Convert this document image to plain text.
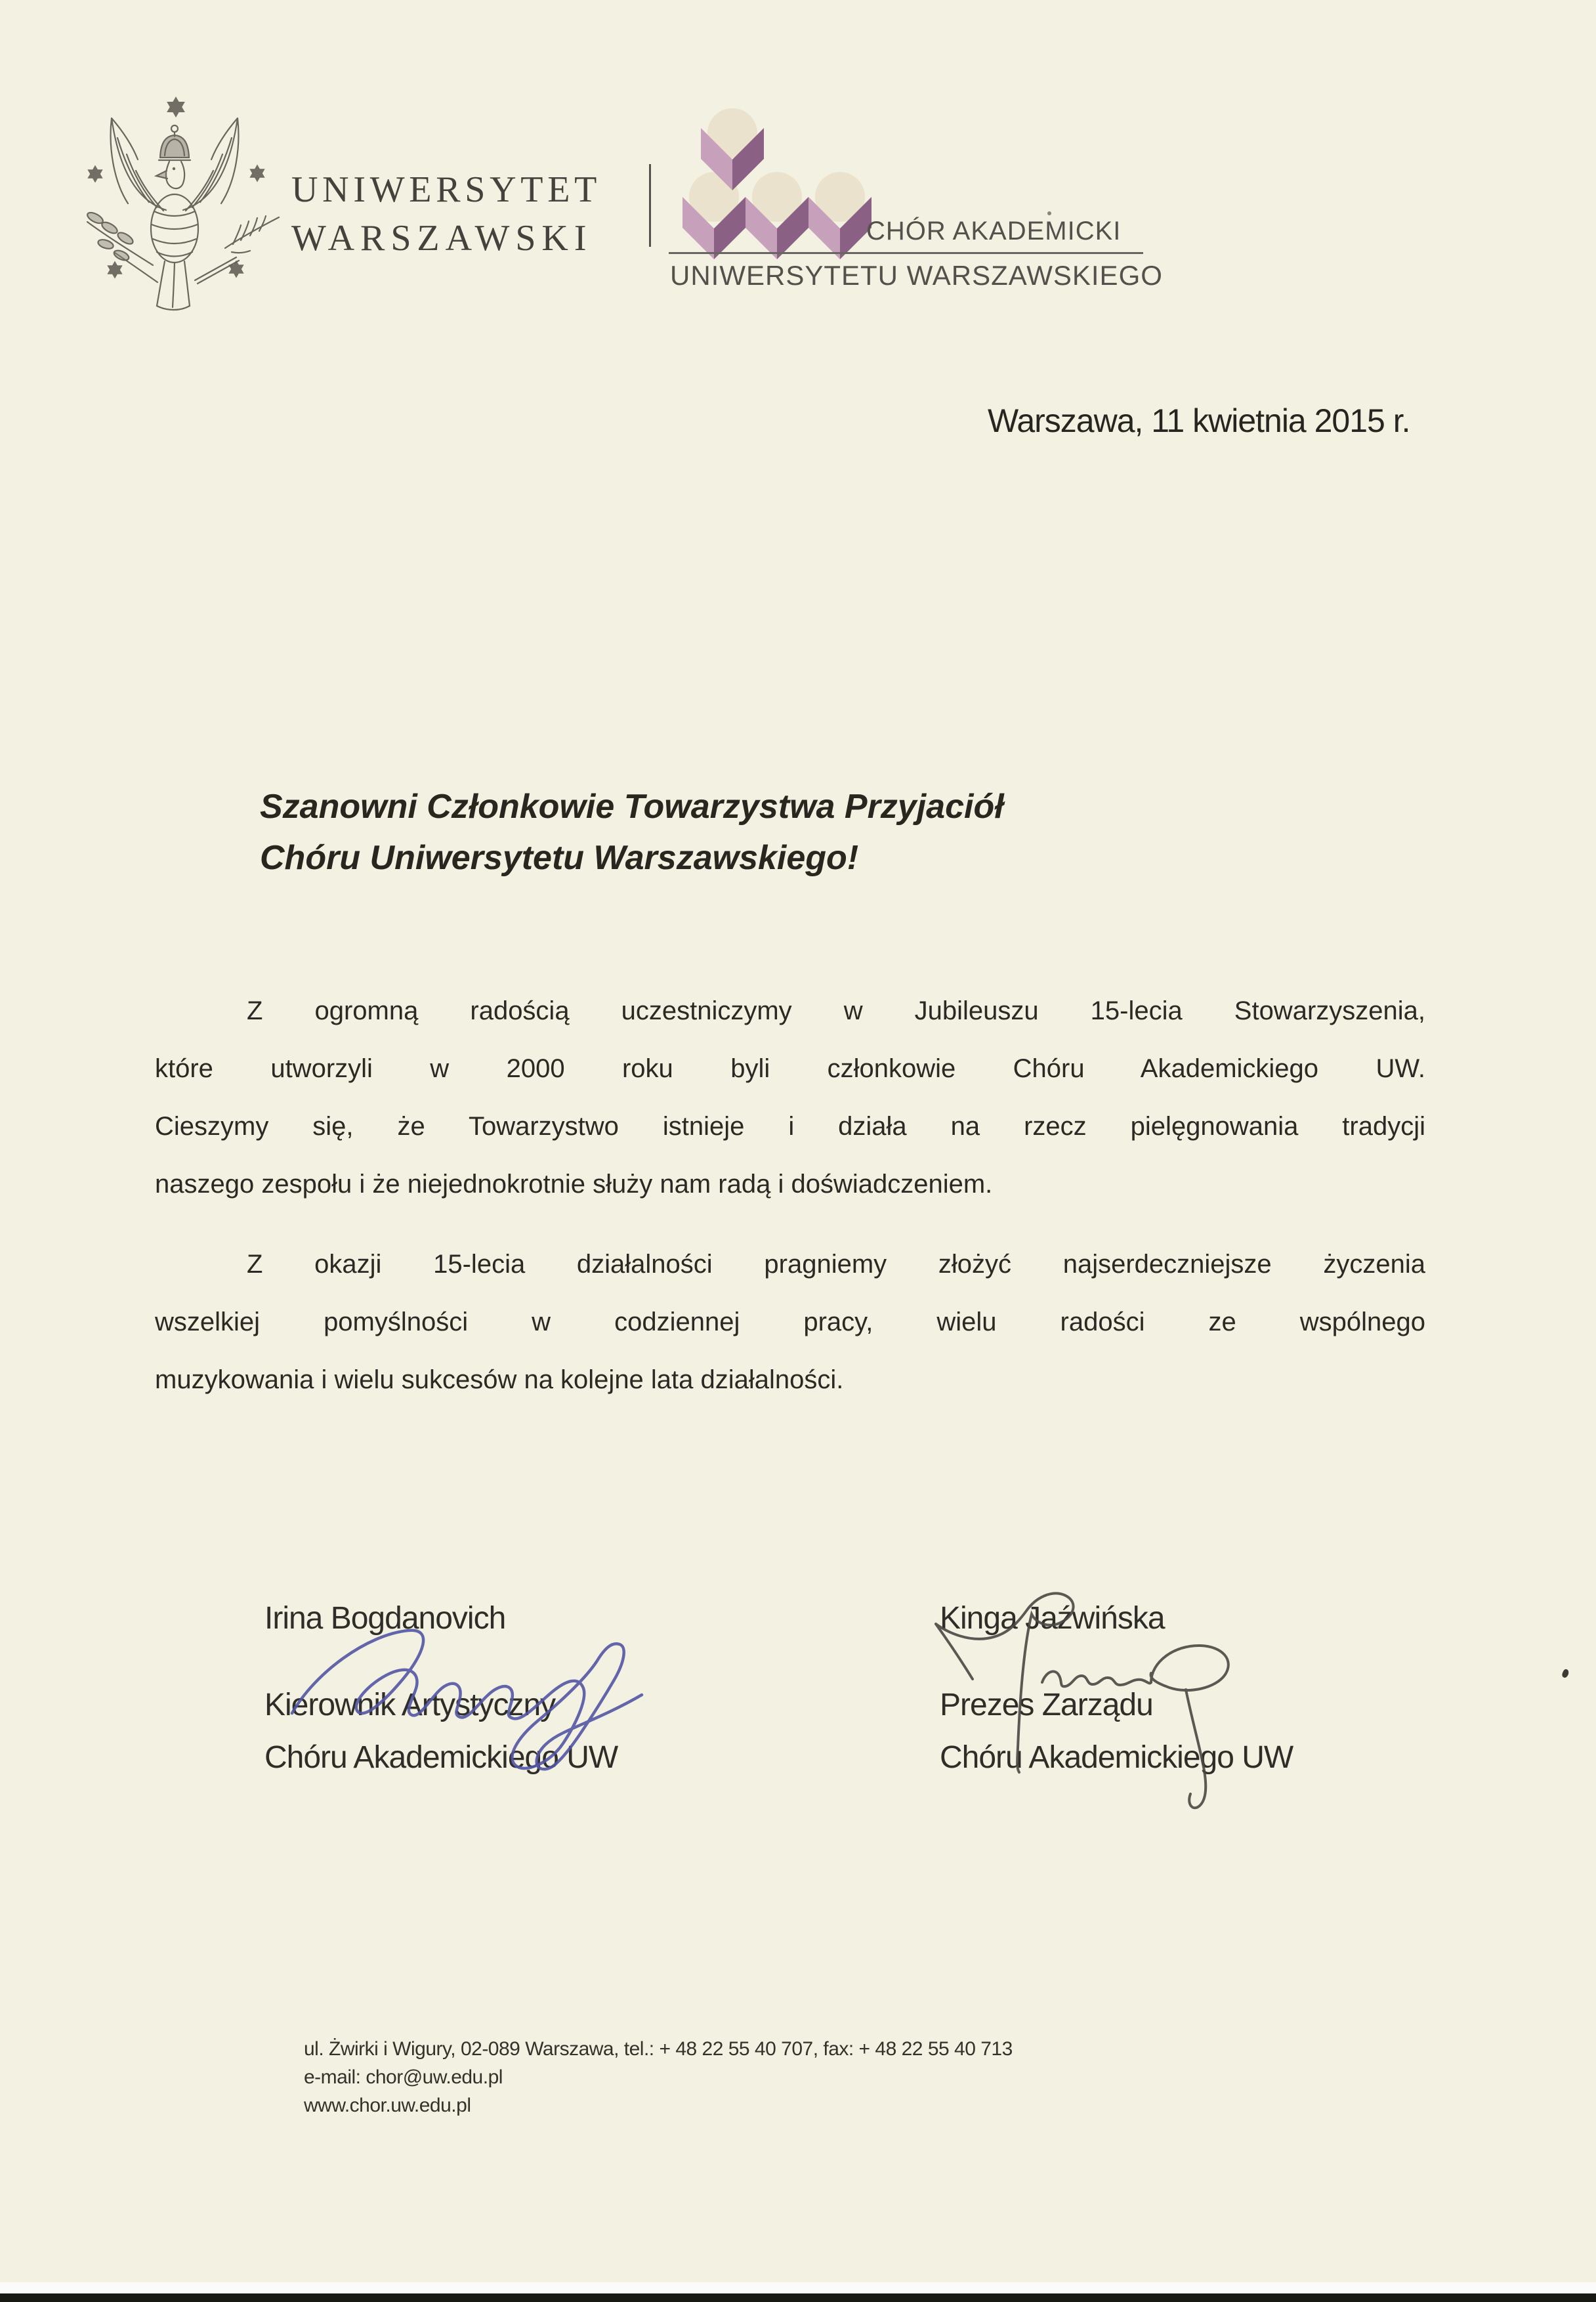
UNIWERSYTET
WARSZAWSKI	CHÓR AKADEMICKI
UNIWERSYTETU WARSZAWSKIEGO
Warszawa, 11 kwietnia 2015 r.
Szanowni Członkowie Towarzystwa Przyjaciół
Chóru Uniwersytetu Warszawskiego!
Z ogromną radością uczestniczymy w Jubileuszu 15-lecia Stowarzyszenia,
które utworzyli w 2000 roku byli członkowie Chóru Akademickiego UW.
Cieszymy się, że Towarzystwo istnieje i działa na rzecz pielęgnowania tradycji
naszego zespołu i że niejednokrotnie służy nam radą i doświadczeniem.
Z okazji 15-lecia działalności pragniemy złożyć najserdeczniejsze życzenia
wszelkiej pomyślności w codziennej pracy, wielu radości ze wspólnego
muzykowania i wielu sukcesów na kolejne lata działalności.
Irina Bogdanovich
Kierownik Artystyczny
Chóru Akademickiego UW
Kinga Jaźwińska
Prezes Zarządu
Chóru Akademickiego UW
ul. Żwirki i Wigury, 02-089 Warszawa, tel.: + 48 22 55 40 707, fax: + 48 22 55 40 713
e-mail: chor@uw.edu.pl
www.chor.uw.edu.pl
